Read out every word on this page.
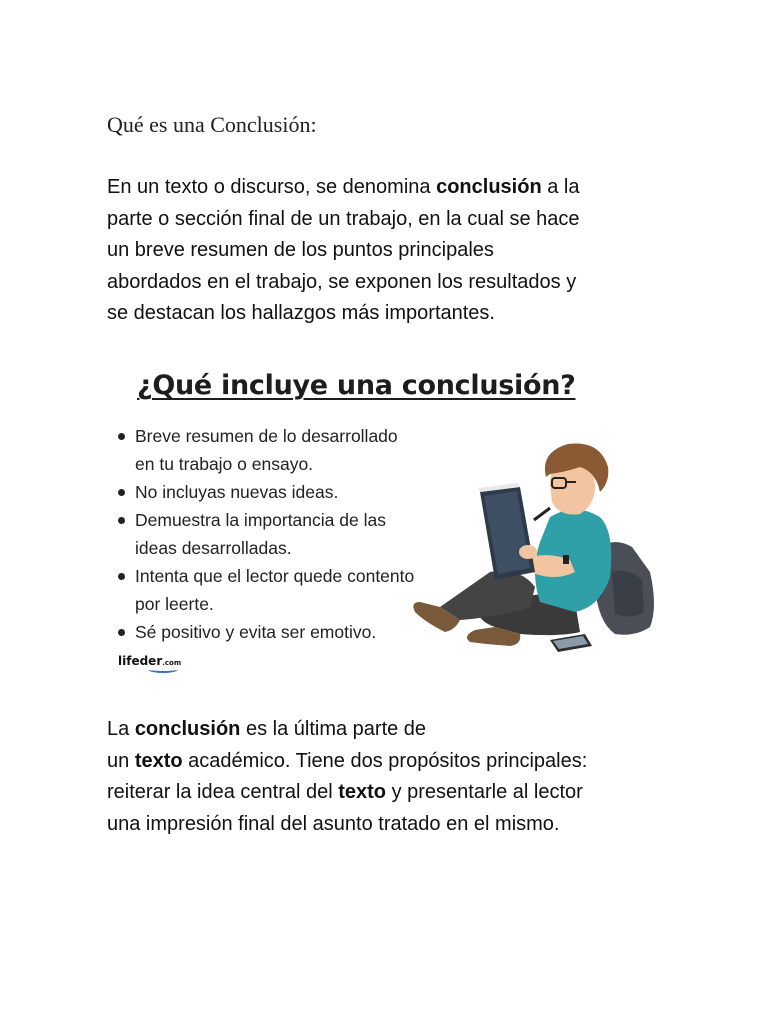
Qué es una Conclusión:
En un texto o discurso, se denomina conclusión a la
parte o sección final de un trabajo, en la cual se hace
un breve resumen de los puntos principales
abordados en el trabajo, se exponen los resultados y
se destacan los hallazgos más importantes.
¿Qué incluye una conclusión?
Breve resumen de lo desarrollado
en tu trabajo o ensayo.
No incluyas nuevas ideas.
Demuestra la importancia de las
ideas desarrolladas.
Intenta que el lector quede contento
por leerte.
Sé positivo y evita ser emotivo.
lifeder.com
La conclusión es la última parte de
un texto académico. Tiene dos propósitos principales:
reiterar la idea central del texto y presentarle al lector
una impresión final del asunto tratado en el mismo.
